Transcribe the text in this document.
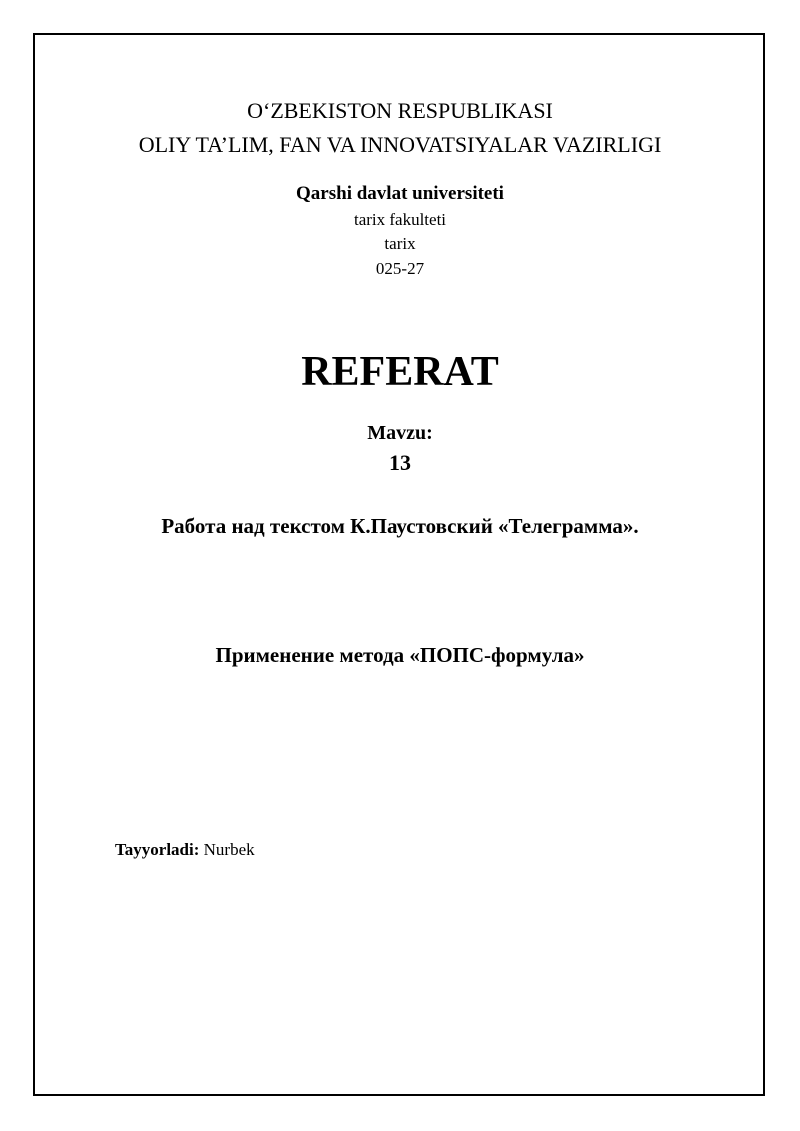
O‘ZBEKISTON RESPUBLIKASI
OLIY TA’LIM, FAN VA INNOVATSIYALAR VAZIRLIGI
Qarshi davlat universiteti
tarix fakulteti
tarix
025-27
REFERAT
Mavzu:
13
Работа над текстом К.Паустовский «Телеграмма».
Применение метода «ПОПС-формула»
Tayyorladi: Nurbek
